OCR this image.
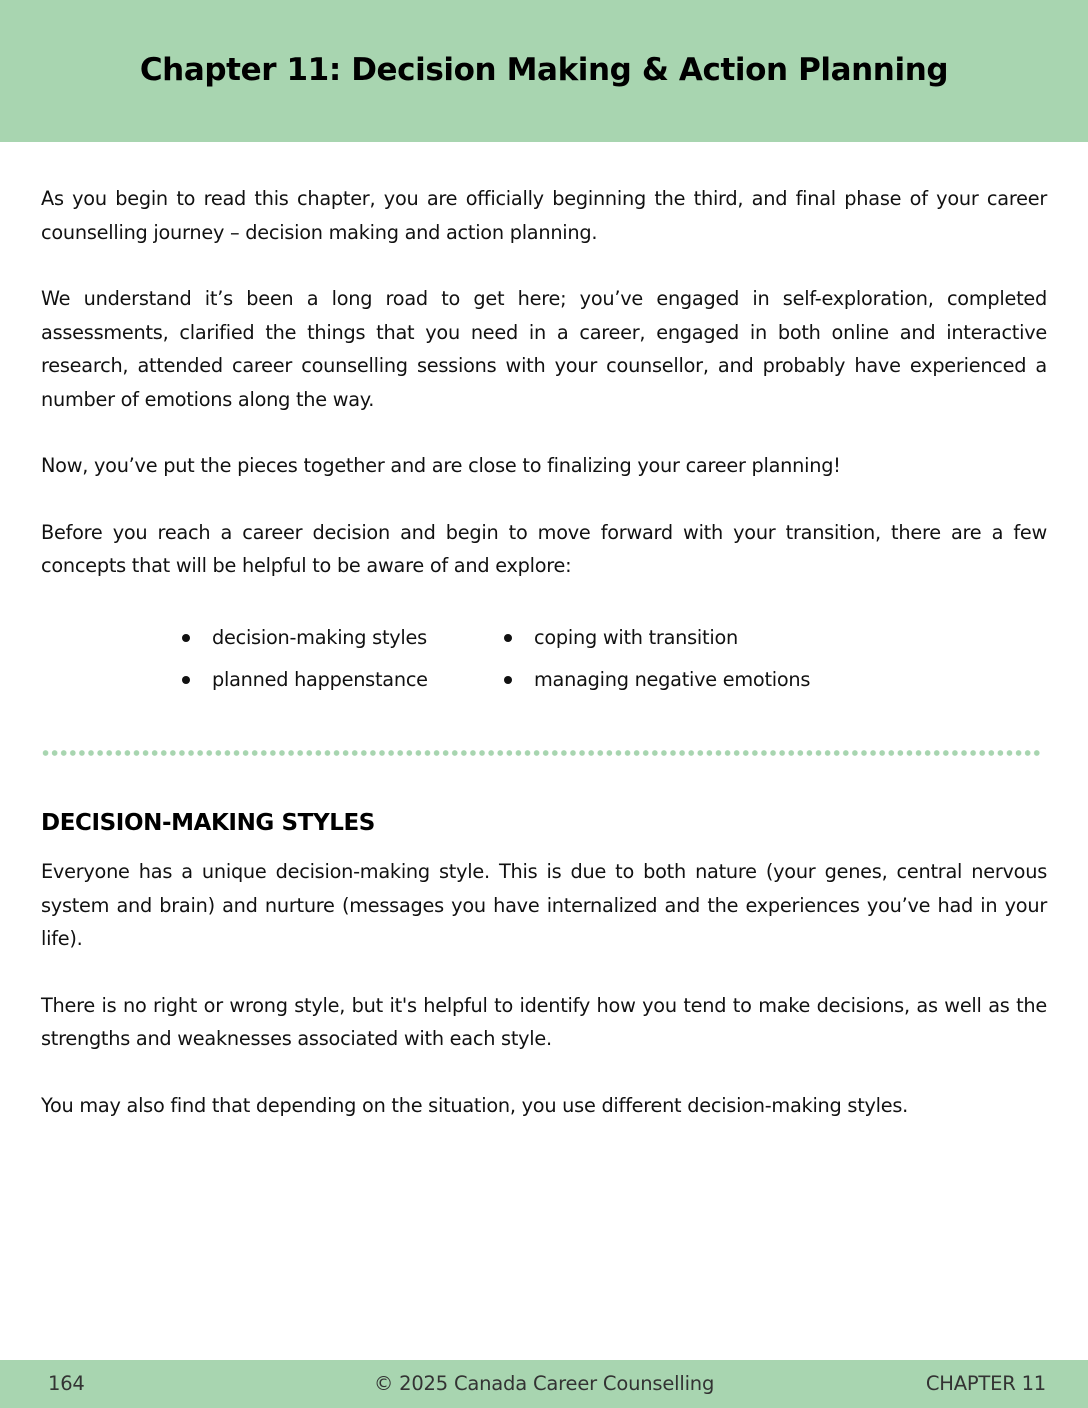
Chapter 11: Decision Making & Action Planning

As you begin to read this chapter, you are officially beginning the third, and final phase of your career counselling journey – decision making and action planning.

We understand it’s been a long road to get here; you’ve engaged in self-exploration, completed assessments, clarified the things that you need in a career, engaged in both online and interactive research, attended career counselling sessions with your counsellor, and probably have experienced a number of emotions along the way.

Now, you’ve put the pieces together and are close to finalizing your career planning!

Before you reach a career decision and begin to move forward with your transition, there are a few concepts that will be helpful to be aware of and explore:

decision-making styles
planned happenstance
coping with transition
managing negative emotions
DECISION-MAKING STYLES

Everyone has a unique decision-making style. This is due to both nature (your genes, central nervous system and brain) and nurture (messages you have internalized and the experiences you’ve had in your life).

There is no right or wrong style, but it's helpful to identify how you tend to make decisions, as well as the strengths and weaknesses associated with each style.

You may also find that depending on the situation, you use different decision-making styles.

164	© 2025 Canada Career Counselling	CHAPTER 11
